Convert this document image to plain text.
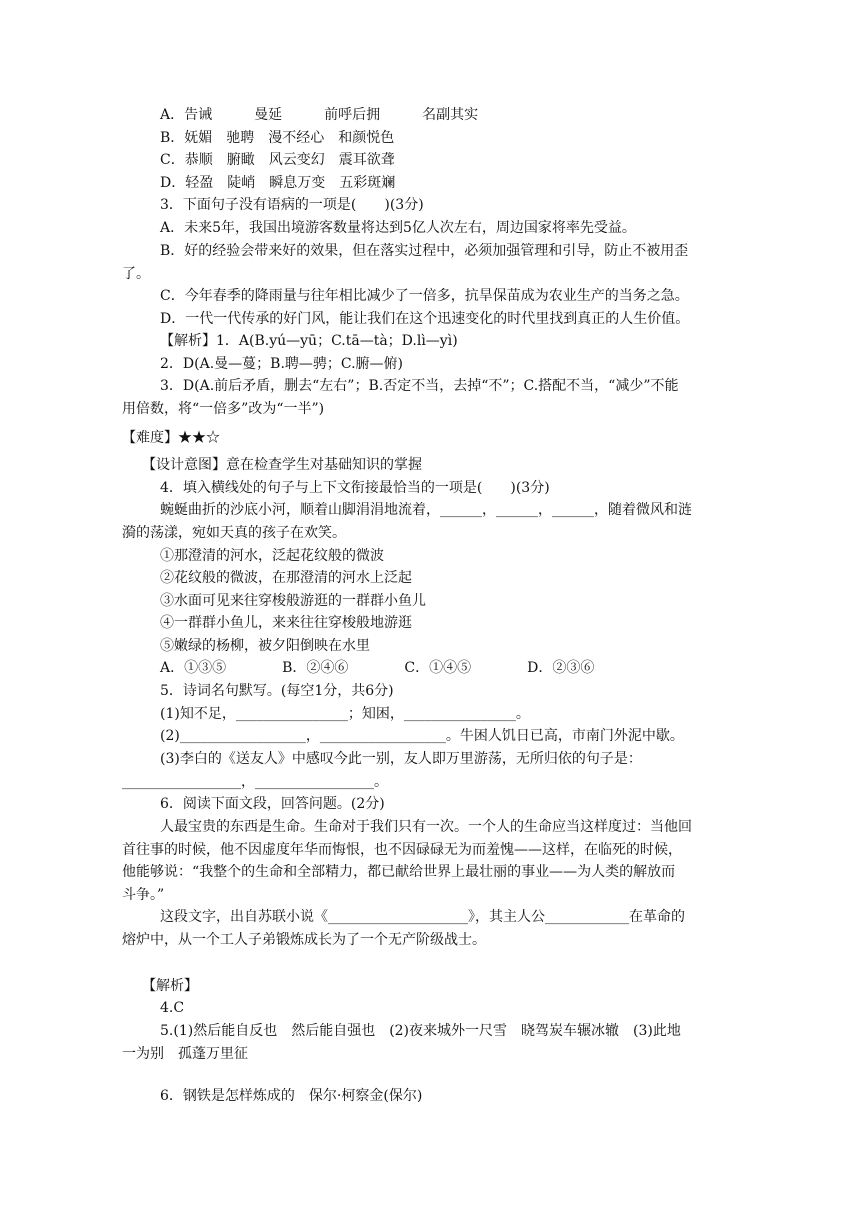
A．告诫　　　曼延　　　前呼后拥　　　名副其实
B．妩媚　驰聘　漫不经心　和颜悦色
C．恭顺　腑瞰　风云变幻　震耳欲聋
D．轻盈　陡峭　瞬息万变　五彩斑斓
3．下面句子没有语病的一项是(　　)(3分)
A．未来5年，我国出境游客数量将达到5亿人次左右，周边国家将率先受益。
B．好的经验会带来好的效果，但在落实过程中，必须加强管理和引导，防止不被用歪
了。
C．今年春季的降雨量与往年相比减少了一倍多，抗旱保苗成为农业生产的当务之急。
D．一代一代传承的好门风，能让我们在这个迅速变化的时代里找到真正的人生价值。
【解析】1．A(B.yú—yū；C.tā—tà；D.lì—yì)
2．D(A.曼—蔓；B.聘—骋；C.腑—俯)
3．D(A.前后矛盾，删去“左右”；B.否定不当，去掉“不”；C.搭配不当，“减少”不能
用倍数，将“一倍多”改为“一半”)
【难度】★★☆
【设计意图】意在检查学生对基础知识的掌握
4．填入横线处的句子与上下文衔接最恰当的一项是(　　)(3分)
蜿蜒曲折的沙底小河，顺着山脚涓涓地流着，______，______，______，随着微风和涟
漪的荡漾，宛如天真的孩子在欢笑。
①那澄清的河水，泛起花纹般的微波
②花纹般的微波，在那澄清的河水上泛起
③水面可见来往穿梭般游逛的一群群小鱼儿
④一群群小鱼儿，来来往往穿梭般地游逛
⑤嫩绿的杨柳，被夕阳倒映在水里
A．①③⑤　　　　B．②④⑥　　　　C．①④⑤　　　　D．②③⑥
5．诗词名句默写。(每空1分，共6分)
(1)知不足，________________；知困，________________。
(2)__________________，__________________。牛困人饥日已高，市南门外泥中歇。
(3)李白的《送友人》中感叹今此一别，友人即万里游荡，无所归依的句子是：
_________________，_________________。
6．阅读下面文段，回答问题。(2分)
人最宝贵的东西是生命。生命对于我们只有一次。一个人的生命应当这样度过：当他回
首往事的时候，他不因虚度年华而悔恨，也不因碌碌无为而羞愧——这样，在临死的时候，
他能够说：“我整个的生命和全部精力，都已献给世界上最壮丽的事业——为人类的解放而
斗争。”
这段文字，出自苏联小说《____________________》，其主人公____________在革命的
熔炉中，从一个工人子弟锻炼成长为了一个无产阶级战士。
【解析】
4.C
5.(1)然后能自反也　然后能自强也　(2)夜来城外一尺雪　晓驾炭车辗冰辙　(3)此地
一为别　孤蓬万里征
6．钢铁是怎样炼成的　保尔·柯察金(保尔)
